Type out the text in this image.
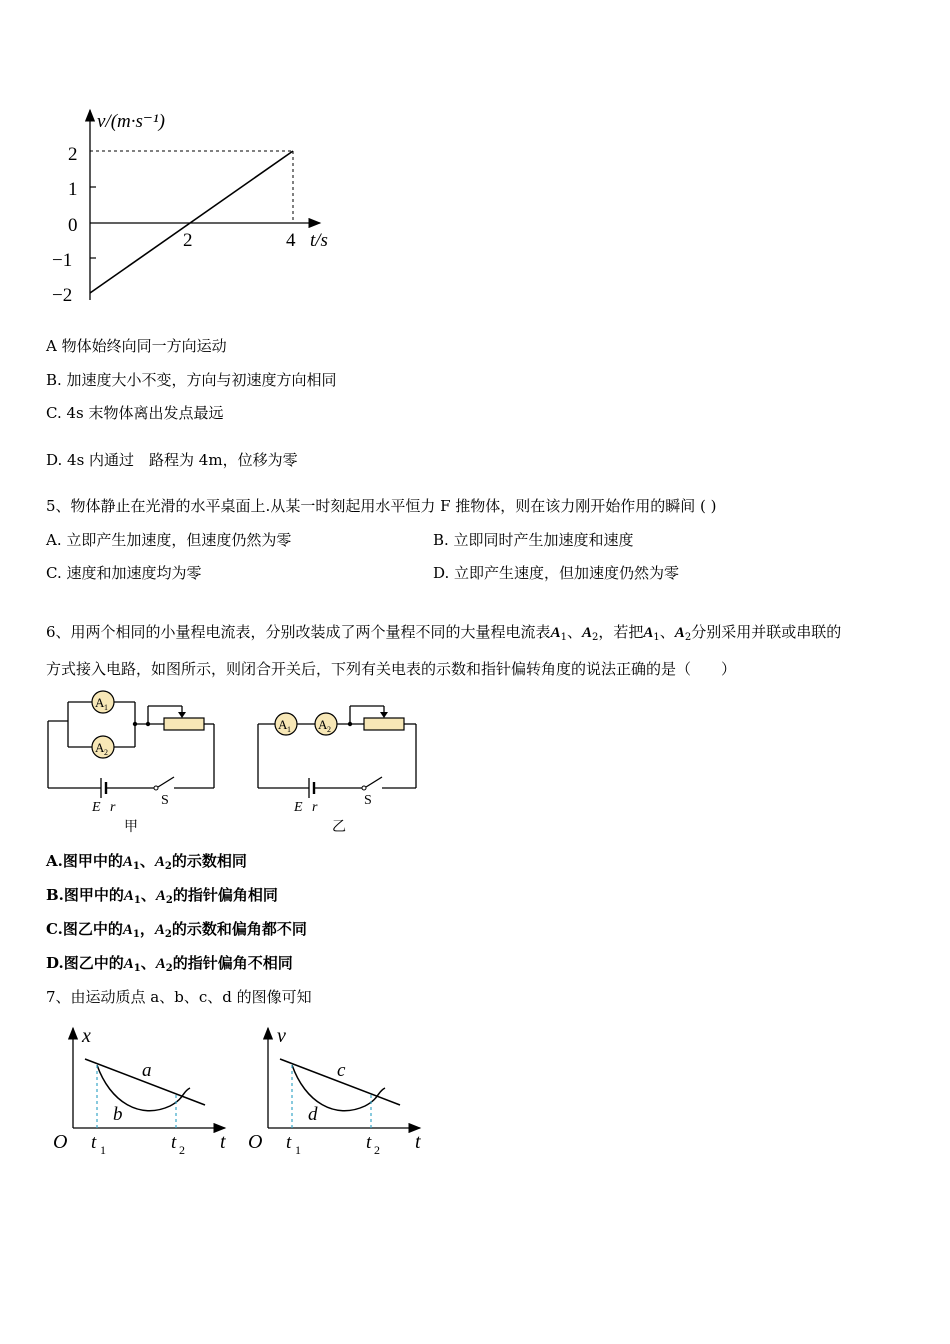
v/(m·s⁻¹)
2
1
0
−1
−2
2	4 t/s
A 物体始终向同一方向运动
B. 加速度大小不变，方向与初速度方向相同
C. 4s 末物体离出发点最远
D. 4s 内通过　路程为 4m，位移为零
5、物体静止在光滑的水平桌面上.从某一时刻起用水平恒力 F 推物体，则在该力刚开始作用的瞬间 ( )
A. 立即产生加速度，但速度仍然为零	B. 立即同时产生加速度和速度
C. 速度和加速度均为零	D. 立即产生速度，但加速度仍然为零
6、用两个相同的小量程电流表，分别改装成了两个量程不同的大量程电流表$A_1$、$A_2$，若把$A_1$、$A_2$分别采用并联或串联的
方式接入电路，如图所示，则闭合开关后，下列有关电表的示数和指针偏转角度的说法正确的是（　　）
A 1
A 2
E r	S
甲
A 1 A 2
E r	S
乙
A.图甲中的$A_1$、$A_2$的示数相同
B.图甲中的$A_1$、$A_2$的指针偏角相同
C.图乙中的$A_1$，$A_2$的示数和偏角都不同
D.图乙中的$A_1$、$A_2$的指针偏角不相同
7、由运动质点 a、b、c、d 的图像可知
x
O	t
a
b
t 1	t 2
v
O	t
c
d
t 1	t 2
